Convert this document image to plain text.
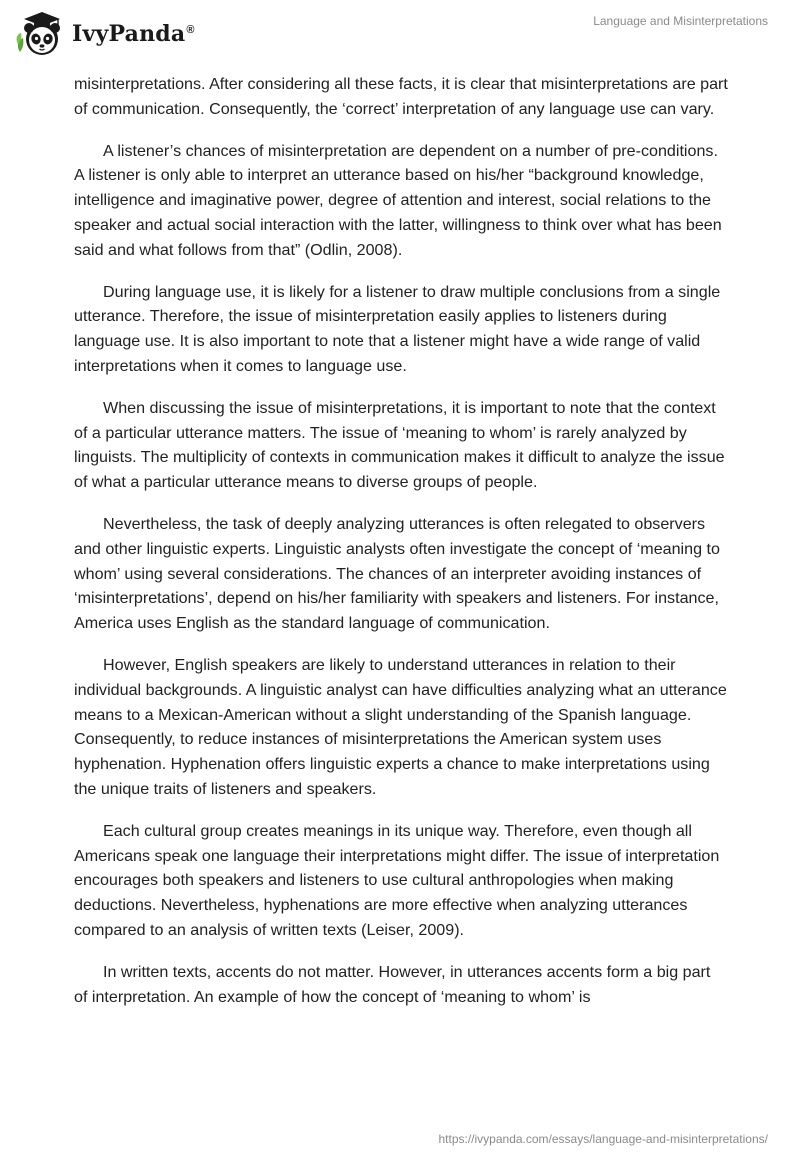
IvyPanda®
Language and Misinterpretations

misinterpretations. After considering all these facts, it is clear that misinterpretations are part of communication. Consequently, the ‘correct’ interpretation of any language use can vary.

A listener’s chances of misinterpretation are dependent on a number of pre-conditions. A listener is only able to interpret an utterance based on his/her “background knowledge, intelligence and imaginative power, degree of attention and interest, social relations to the speaker and actual social interaction with the latter, willingness to think over what has been said and what follows from that” (Odlin, 2008).

During language use, it is likely for a listener to draw multiple conclusions from a single utterance. Therefore, the issue of misinterpretation easily applies to listeners during language use. It is also important to note that a listener might have a wide range of valid interpretations when it comes to language use.

When discussing the issue of misinterpretations, it is important to note that the context of a particular utterance matters. The issue of ‘meaning to whom’ is rarely analyzed by linguists. The multiplicity of contexts in communication makes it difficult to analyze the issue of what a particular utterance means to diverse groups of people.

Nevertheless, the task of deeply analyzing utterances is often relegated to observers and other linguistic experts. Linguistic analysts often investigate the concept of ‘meaning to whom’ using several considerations. The chances of an interpreter avoiding instances of ‘misinterpretations’, depend on his/her familiarity with speakers and listeners. For instance, America uses English as the standard language of communication.

However, English speakers are likely to understand utterances in relation to their individual backgrounds. A linguistic analyst can have difficulties analyzing what an utterance means to a Mexican-American without a slight understanding of the Spanish language. Consequently, to reduce instances of misinterpretations the American system uses hyphenation. Hyphenation offers linguistic experts a chance to make interpretations using the unique traits of listeners and speakers.

Each cultural group creates meanings in its unique way. Therefore, even though all Americans speak one language their interpretations might differ. The issue of interpretation encourages both speakers and listeners to use cultural anthropologies when making deductions. Nevertheless, hyphenations are more effective when analyzing utterances compared to an analysis of written texts (Leiser, 2009).

In written texts, accents do not matter. However, in utterances accents form a big part of interpretation. An example of how the concept of ‘meaning to whom’ is

https://ivypanda.com/essays/language-and-misinterpretations/
